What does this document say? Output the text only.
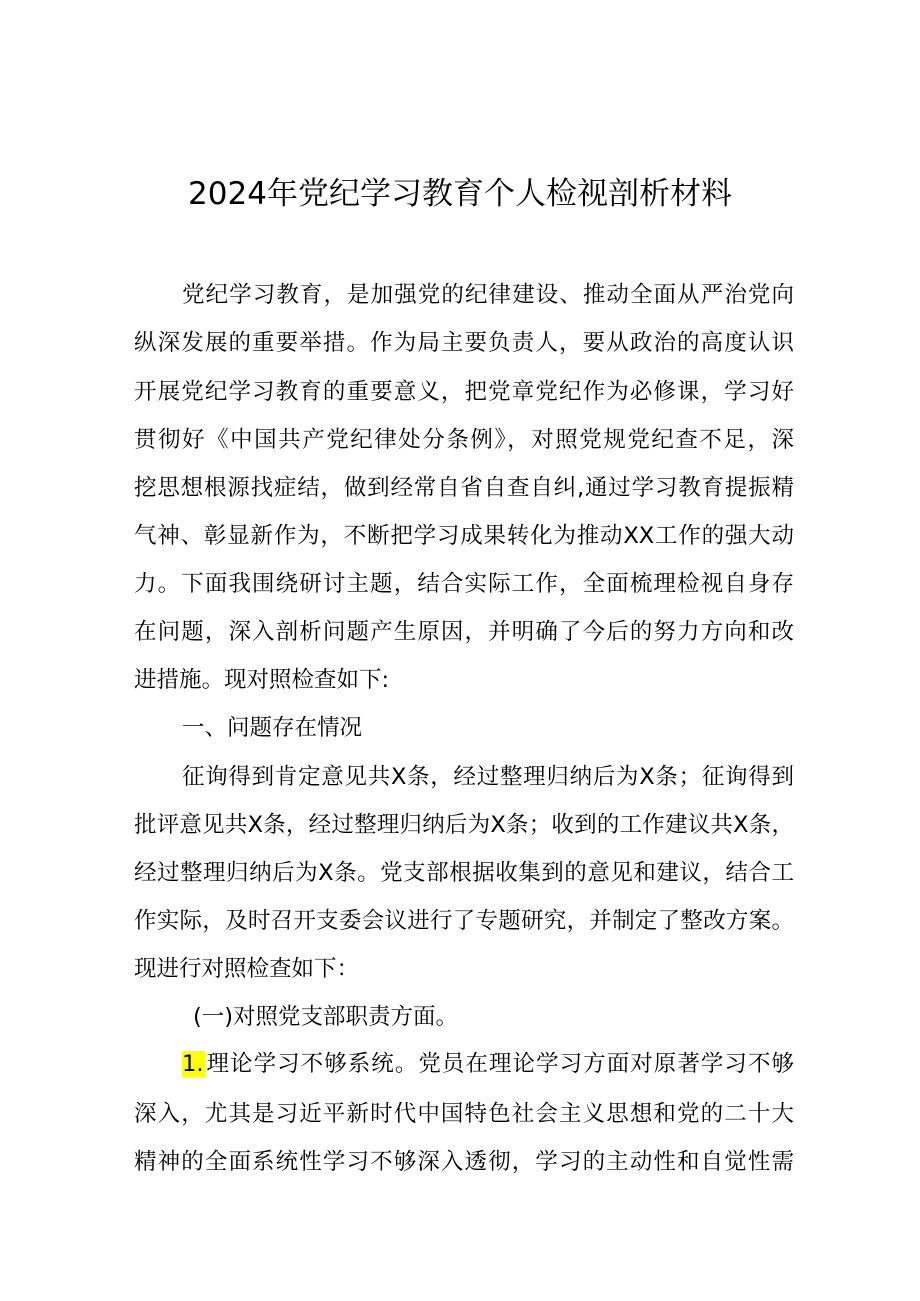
2024年党纪学习教育个人检视剖析材料
党纪学习教育，是加强党的纪律建设、推动全面从严治党向
纵深发展的重要举措。作为局主要负责人，要从政治的高度认识
开展党纪学习教育的重要意义，把党章党纪作为必修课，学习好
贯彻好《中国共产党纪律处分条例》，对照党规党纪查不足，深
挖思想根源找症结，做到经常自省自查自纠,通过学习教育提振精
气神、彰显新作为，不断把学习成果转化为推动XX工作的强大动
力。下面我围绕研讨主题，结合实际工作，全面梳理检视自身存
在问题，深入剖析问题产生原因，并明确了今后的努力方向和改
进措施。现对照检查如下:
一、问题存在情况
征询得到肯定意见共X条，经过整理归纳后为X条；征询得到
批评意见共X条，经过整理归纳后为X条；收到的工作建议共X条，
经过整理归纳后为X条。党支部根据收集到的意见和建议，结合工
作实际，及时召开支委会议进行了专题研究，并制定了整改方案。
现进行对照检查如下：
(一)对照党支部职责方面。
1.理论学习不够系统。党员在理论学习方面对原著学习不够
深入，尤其是习近平新时代中国特色社会主义思想和党的二十大
精神的全面系统性学习不够深入透彻，学习的主动性和自觉性需
